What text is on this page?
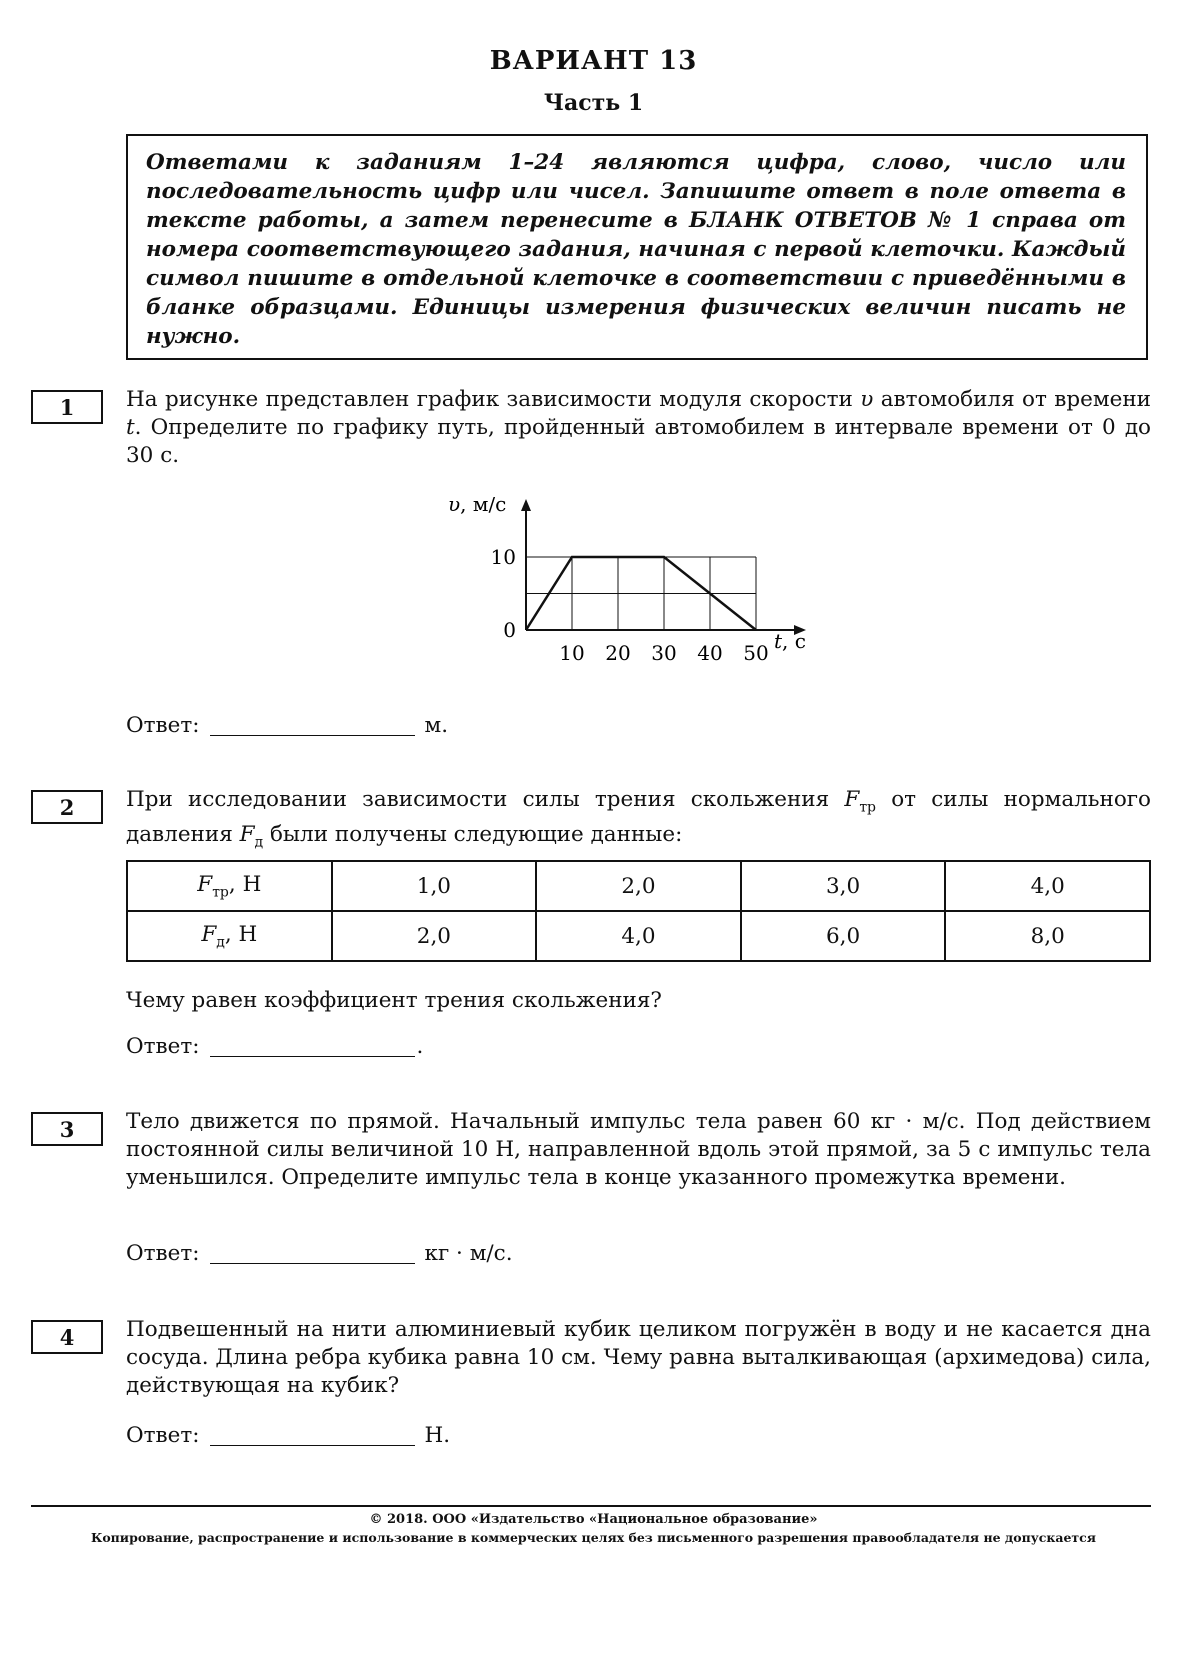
ВАРИАНТ 13
Часть 1
Ответами к заданиям 1–24 являются цифра, слово, число или последовательность цифр или чисел. Запишите ответ в поле ответа в тексте работы, а затем перенесите в БЛАНК ОТВЕТОВ № 1 справа от номера соответствующего задания, начиная с первой клеточки. Каждый символ пишите в отдельной клеточке в соответствии с приведёнными в бланке образцами. Единицы измерения физических величин писать не нужно.
1	На рисунке представлен график зависимости модуля скорости υ автомобиля от времени t. Определите по графику путь, пройденный автомобилем в интервале времени от 0 до 30 с.
υ, м/с
t, с
10 20 30 40 50
0
10
Ответ:	м.
2	При исследовании зависимости силы трения скольжения $F_{тр}$ от силы нормального давления $F_д$ были получены следующие данные:
$F_{тр}$, Н	1,0	2,0	3,0	4,0
$F_д$, Н	2,0	4,0	6,0	8,0
Чему равен коэффициент трения скольжения?
Ответ:	.
3	Тело движется по прямой. Начальный импульс тела равен 60 кг · м/с. Под действием постоянной силы величиной 10 Н, направленной вдоль этой прямой, за 5 с импульс тела уменьшился. Определите импульс тела в конце указанного промежутка времени.
Ответ:	кг · м/с.
4	Подвешенный на нити алюминиевый кубик целиком погружён в воду и не касается дна сосуда. Длина ребра кубика равна 10 см. Чему равна выталкивающая (архимедова) сила, действующая на кубик?
Ответ:	Н.
© 2018. ООО «Издательство «Национальное образование»
Копирование, распространение и использование в коммерческих целях без письменного разрешения правообладателя не допускается
